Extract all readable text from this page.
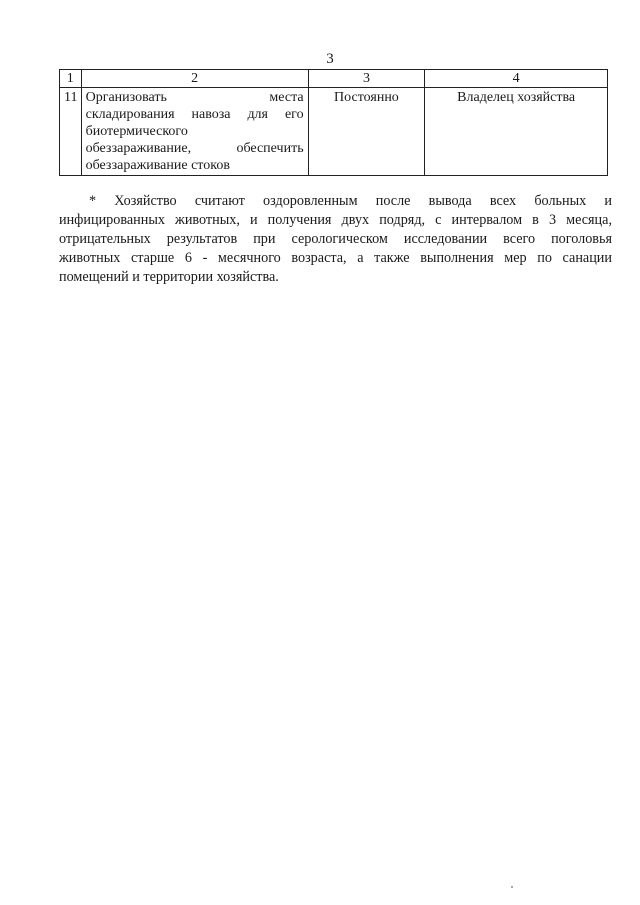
3
1	2	3	4
11	Организовать места
складирования навоза для его
биотермического
обеззараживание, обеспечить
обеззараживание стоков	Постоянно	Владелец хозяйства

* Хозяйство считают оздоровленным после вывода всех больных и
инфицированных животных, и получения двух подряд, с интервалом в 3 месяца,
отрицательных результатов при серологическом исследовании всего поголовья
животных старше 6 - месячного возраста, а также выполнения мер по санации
помещений и территории хозяйства.
